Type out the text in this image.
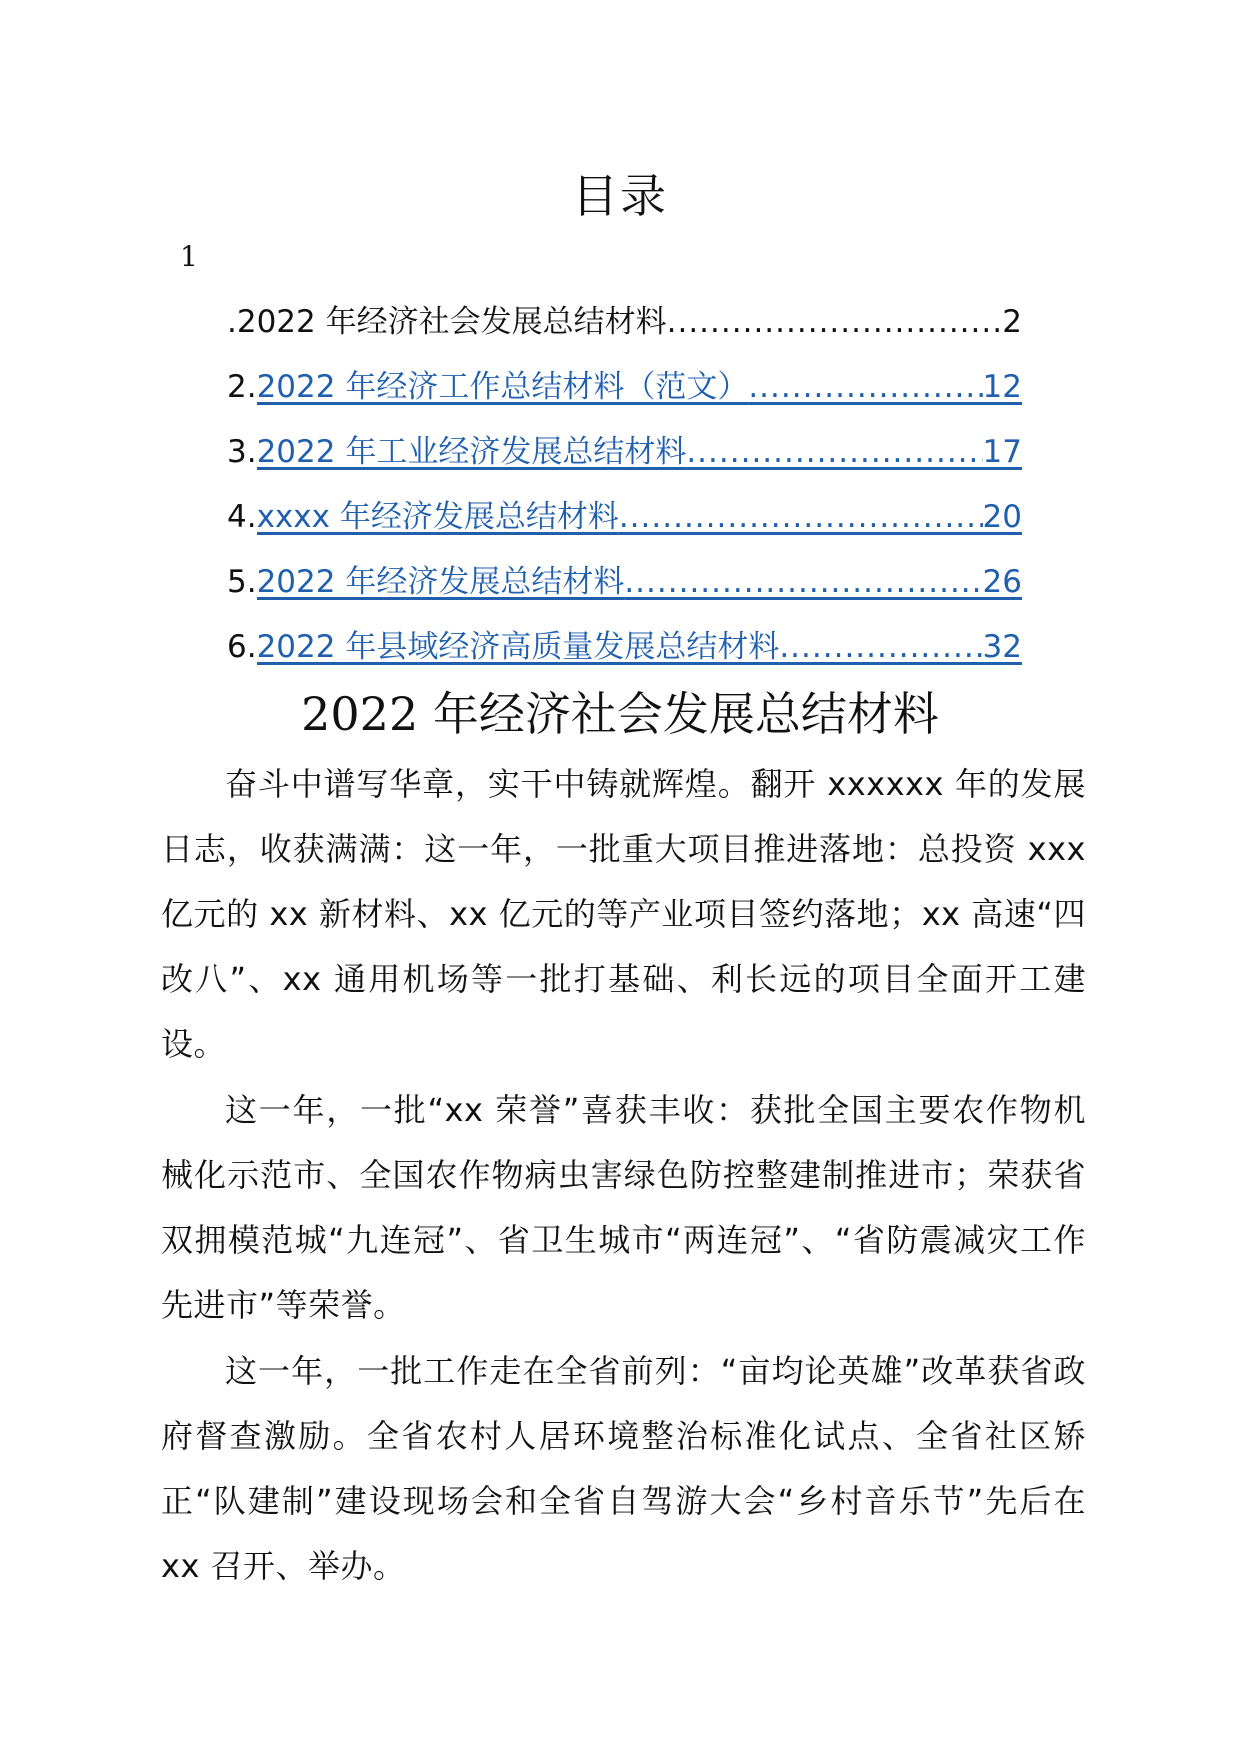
目录
1
. 2022 年经济社会发展总结材料 .....	2
2. 2022 年经济工作总结材料（范文） .....	12
3. 2022 年工业经济发展总结材料 .....	17
4. xxxx 年经济发展总结材料 .....	20
5. 2022 年经济发展总结材料 .....	26
6. 2022 年县域经济高质量发展总结材料 .....	32
2022 年经济社会发展总结材料

奋斗中谱写华章，实干中铸就辉煌。翻开 xxxxxx 年的发展日志，收获满满：这一年，一批重大项目推进落地：总投资 xxx 亿元的 xx 新材料、xx 亿元的等产业项目签约落地；xx 高速“四改八”、xx 通用机场等一批打基础、利长远的项目全面开工建设。

这一年，一批“xx 荣誉”喜获丰收：获批全国主要农作物机械化示范市、全国农作物病虫害绿色防控整建制推进市；荣获省双拥模范城“九连冠”、省卫生城市“两连冠”、“省防震减灾工作先进市”等荣誉。

这一年，一批工作走在全省前列：“亩均论英雄”改革获省政府督查激励。全省农村人居环境整治标准化试点、全省社区矫正“队建制”建设现场会和全省自驾游大会“乡村音乐节”先后在 xx 召开、举办。
